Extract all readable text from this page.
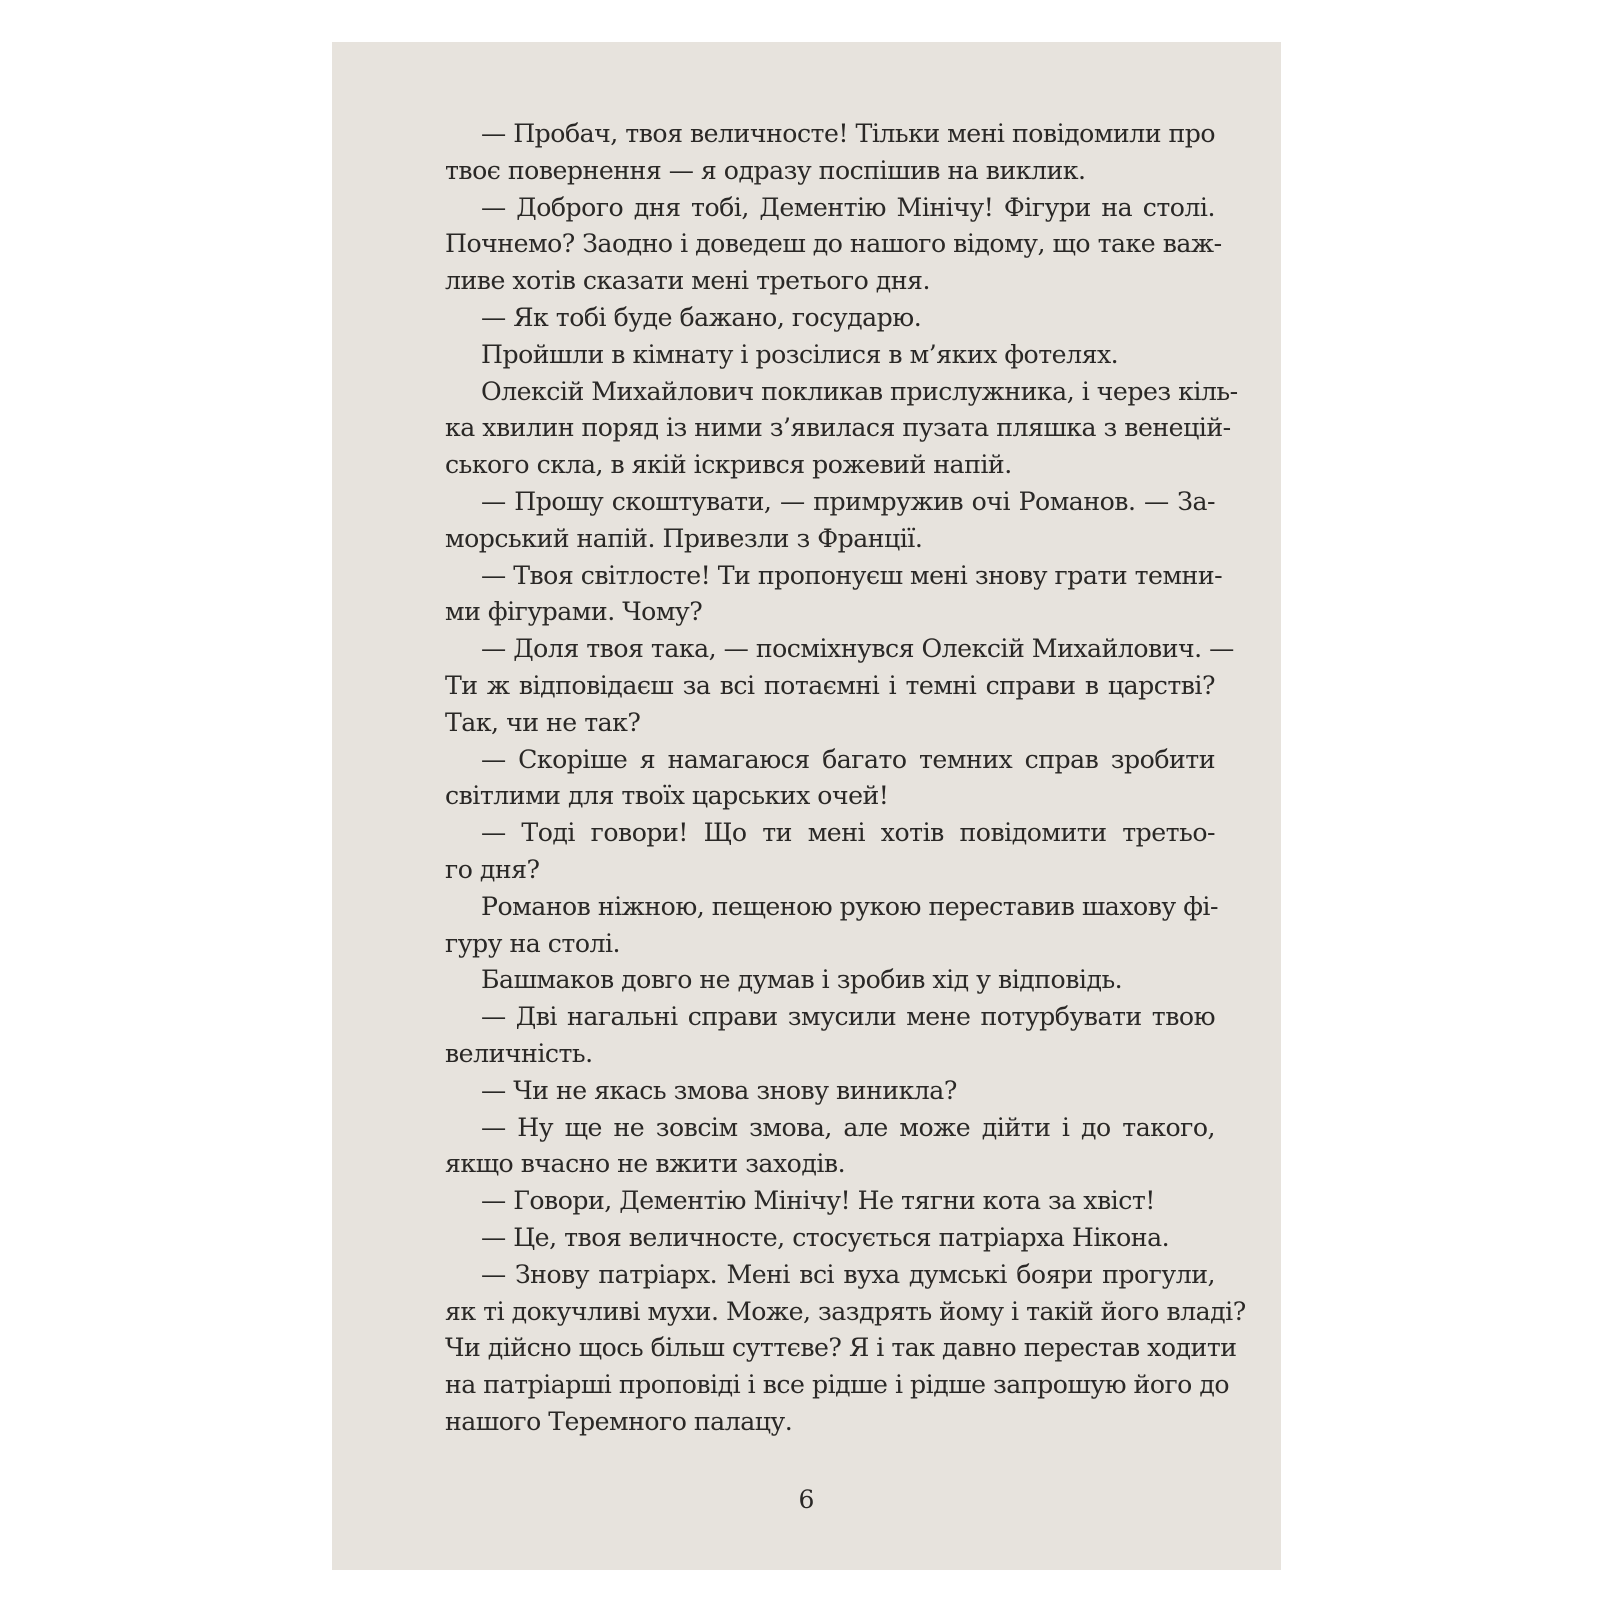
— Пробач, твоя величносте! Тільки мені повідомили про
твоє повернення — я одразу поспішив на виклик.
— Доброго дня тобі, Дементію Мінічу! Фігури на столі.
Почнемо? Заодно і доведеш до нашого відому, що таке важ-
ливе хотів сказати мені третього дня.
— Як тобі буде бажано, государю.
Пройшли в кімнату і розсілися в м’яких фотелях.
Олексій Михайлович покликав прислужника, і через кіль-
ка хвилин поряд із ними з’явилася пузата пляшка з венецій-
ського скла, в якій іскрився рожевий напій.
— Прошу скоштувати, — примружив очі Романов. — За-
морський напій. Привезли з Франції.
— Твоя світлосте! Ти пропонуєш мені знову грати темни-
ми фігурами. Чому?
— Доля твоя така, — посміхнувся Олексій Михайлович. —
Ти ж відповідаєш за всі потаємні і темні справи в царстві?
Так, чи не так?
— Скоріше я намагаюся багато темних справ зробити
світлими для твоїх царських очей!
— Тоді говори! Що ти мені хотів повідомити третьо-
го дня?
Романов ніжною, пещеною рукою переставив шахову фі-
гуру на столі.
Башмаков довго не думав і зробив хід у відповідь.
— Дві нагальні справи змусили мене потурбувати твою
величність.
— Чи не якась змова знову виникла?
— Ну ще не зовсім змова, але може дійти і до такого,
якщо вчасно не вжити заходів.
— Говори, Дементію Мінічу! Не тягни кота за хвіст!
— Це, твоя величносте, стосується патріарха Нікона.
— Знову патріарх. Мені всі вуха думські бояри прогули,
як ті докучливі мухи. Може, заздрять йому і такій його владі?
Чи дійсно щось більш суттєве? Я і так давно перестав ходити
на патріарші проповіді і все рідше і рідше запрошую його до
нашого Теремного палацу.
6
